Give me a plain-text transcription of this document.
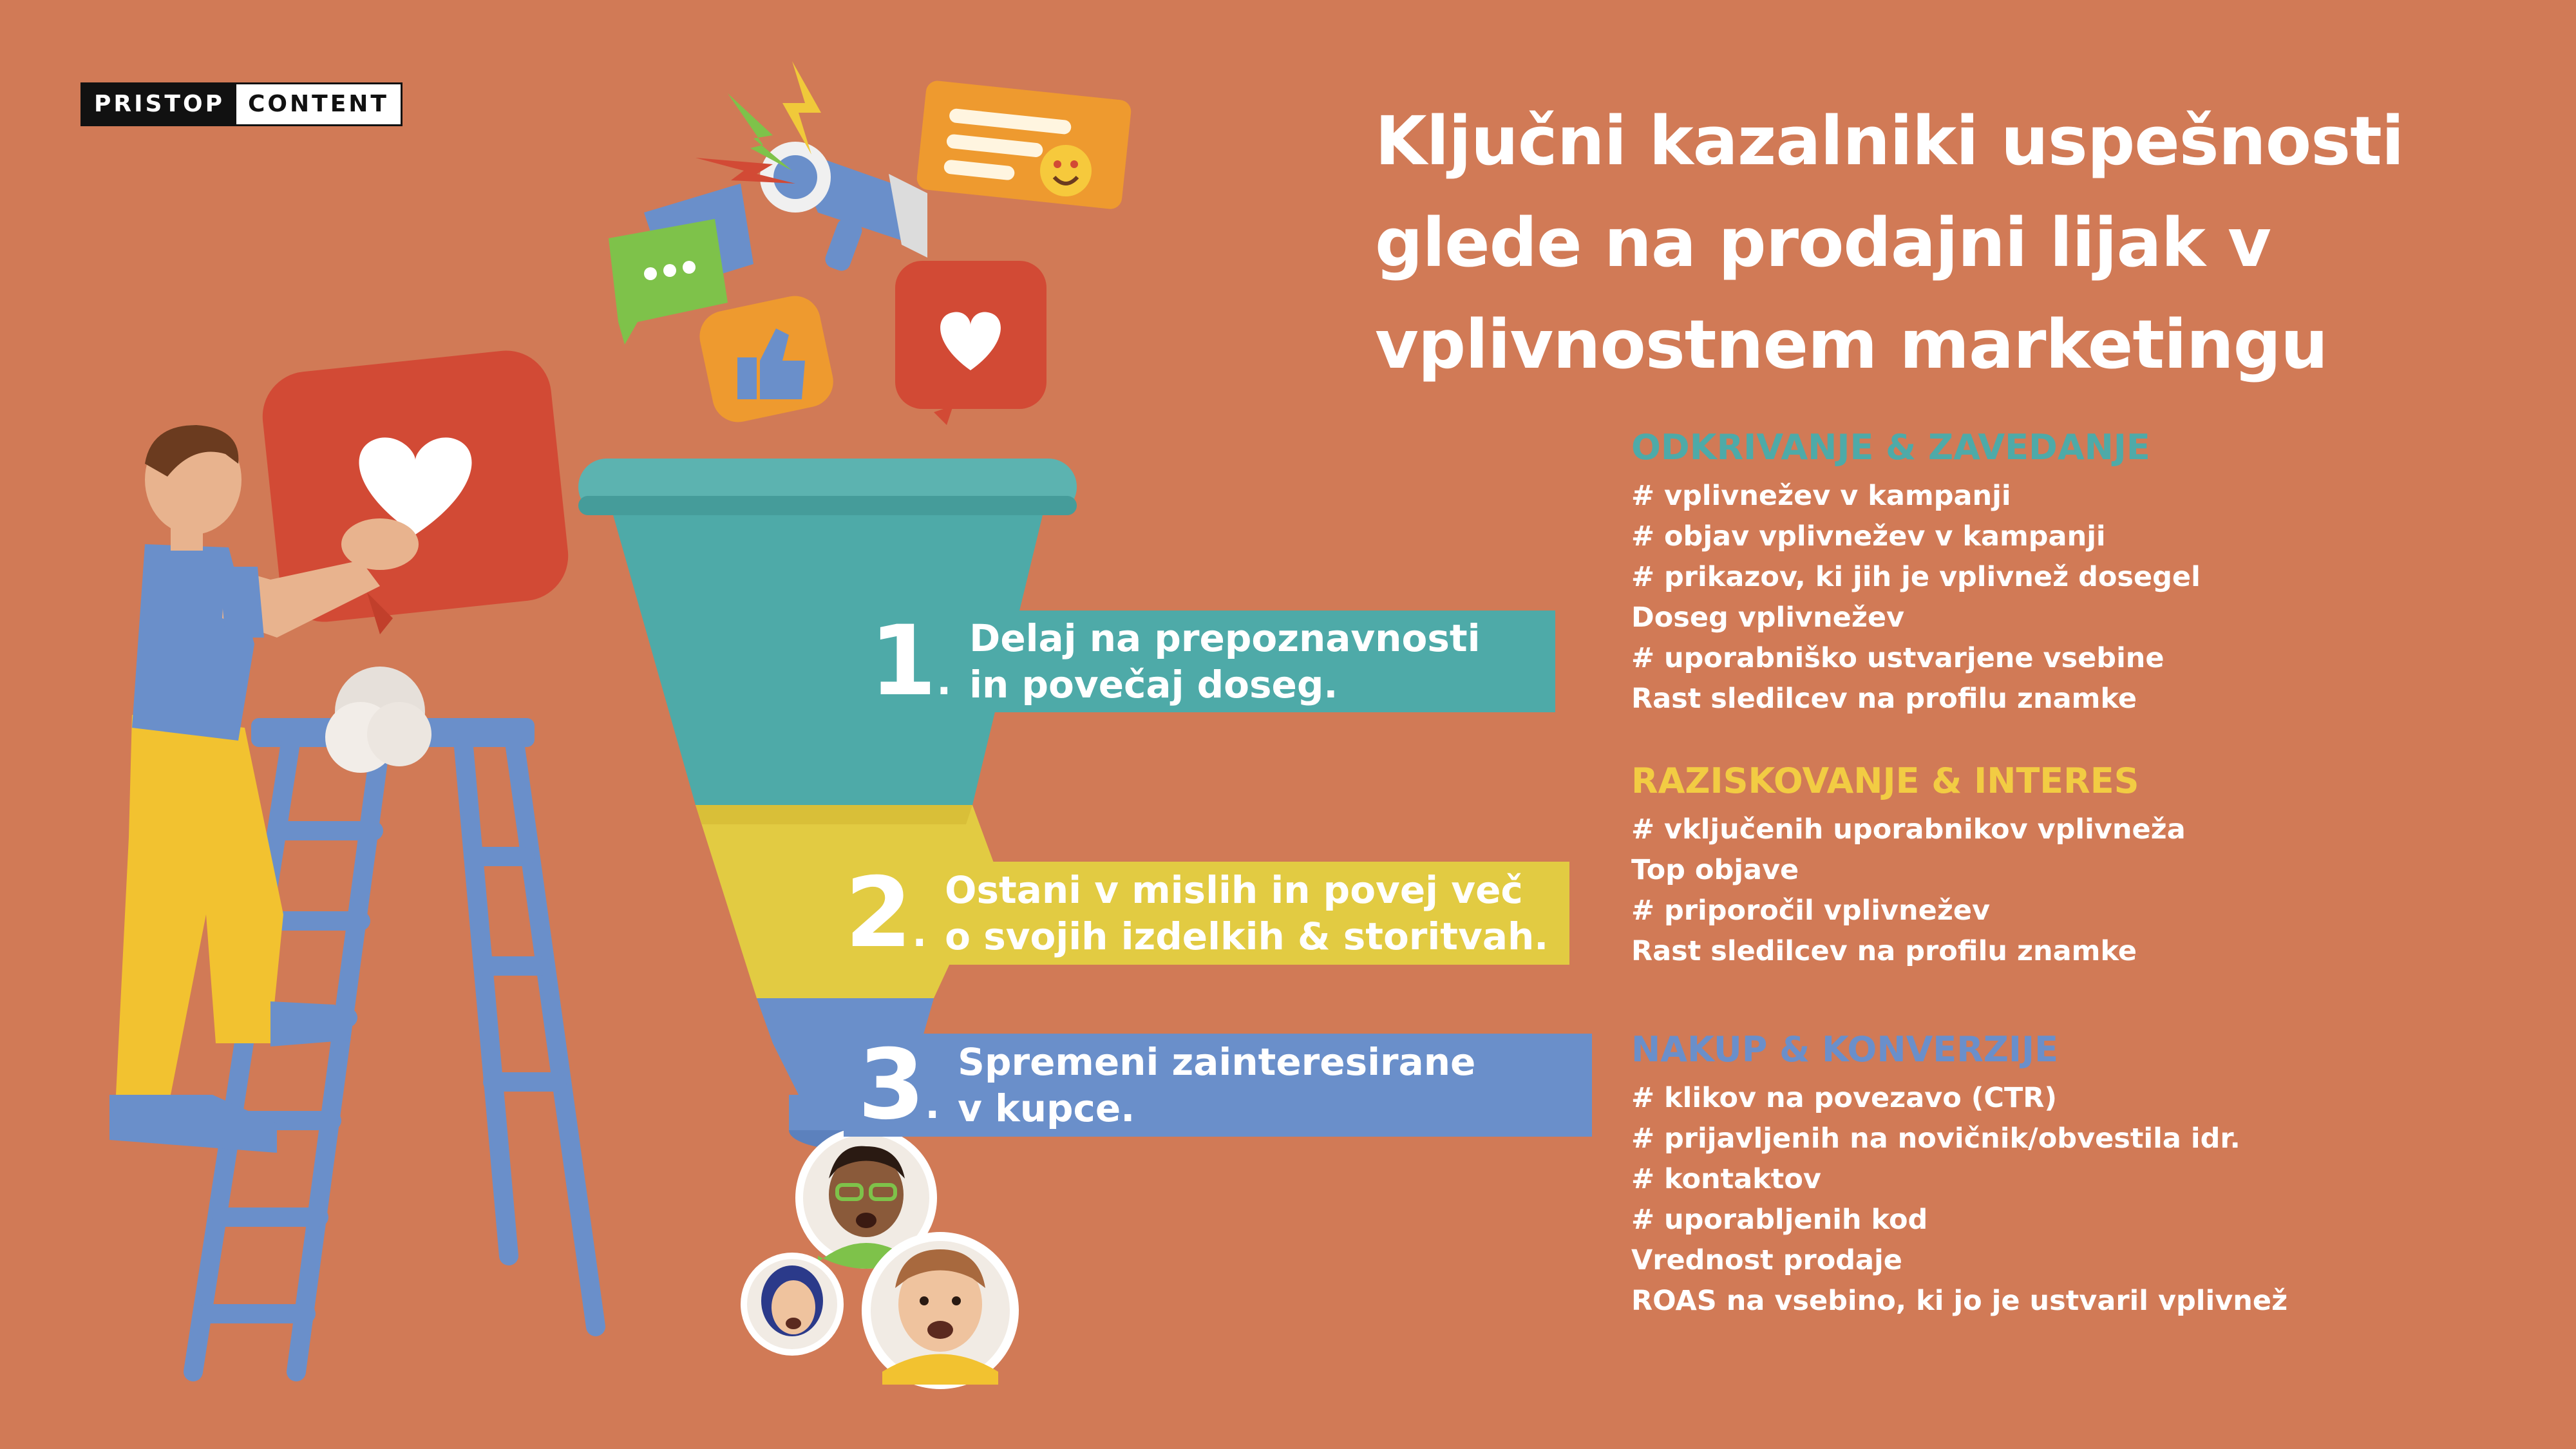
PRISTOP	CONTENT	Ključni kazalniki uspešnosti
glede na prodajni lijak v
vplivnostnem marketingu
1.
Delaj na prepoznavnosti
in povečaj doseg.
2.
Ostani v mislih in povej več
o svojih izdelkih & storitvah.
3.
Spremeni zainteresirane
v kupce.
ODKRIVANJE & ZAVEDANJE
# vplivnežev v kampanji
# objav vplivnežev v kampanji
# prikazov, ki jih je vplivnež dosegel
Doseg vplivnežev
# uporabniško ustvarjene vsebine
Rast sledilcev na profilu znamke
RAZISKOVANJE & INTERES
# vključenih uporabnikov vplivneža
Top objave
# priporočil vplivnežev
Rast sledilcev na profilu znamke
NAKUP & KONVERZIJE
# klikov na povezavo (CTR)
# prijavljenih na novičnik/obvestila idr.
# kontaktov
# uporabljenih kod
Vrednost prodaje
ROAS na vsebino, ki jo je ustvaril vplivnež
